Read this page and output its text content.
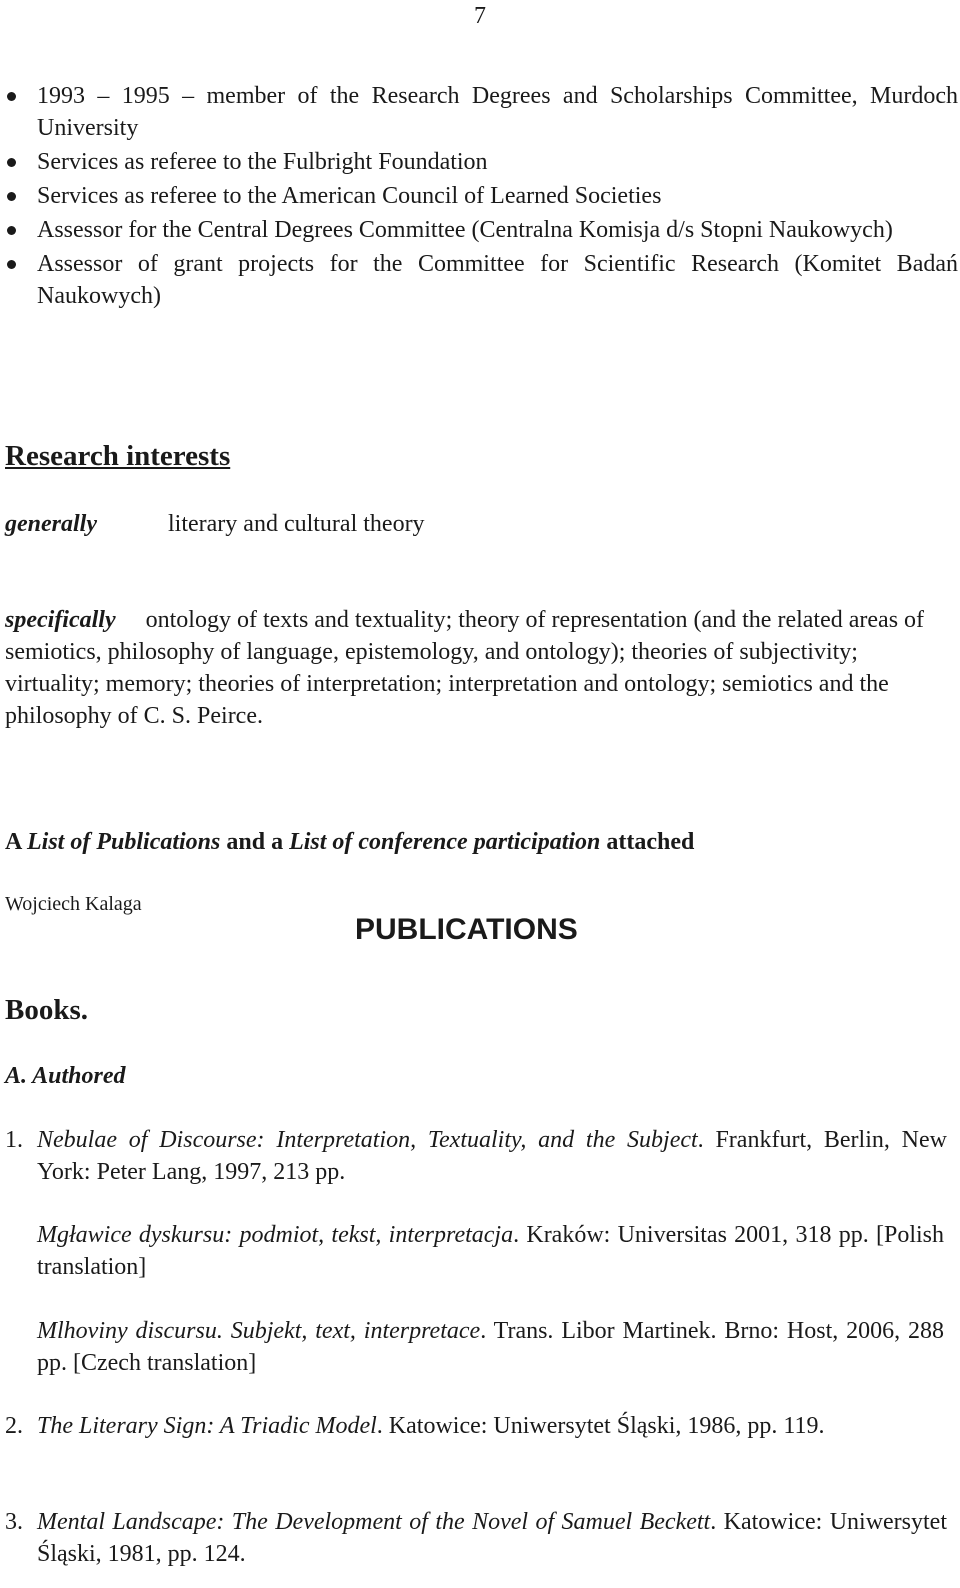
7
1993 – 1995 – member of the Research Degrees and Scholarships Committee, Murdoch University
Services as referee to the Fulbright Foundation
Services as referee to the American Council of Learned Societies
Assessor for the Central Degrees Committee (Centralna Komisja d/s Stopni Naukowych)
Assessor of grant projects for the Committee for Scientific Research (Komitet Badań Naukowych)
Research interests
generally	literary and cultural theory
specifically ontology of texts and textuality; theory of representation (and the related areas of semiotics, philosophy of language, epistemology, and ontology); theories of subjectivity; virtuality; memory; theories of interpretation; interpretation and ontology; semiotics and the philosophy of C. S. Peirce.
A List of Publications and a List of conference participation attached
Wojciech Kalaga
PUBLICATIONS
Books.
A. Authored
1. Nebulae of Discourse: Interpretation, Textuality, and the Subject. Frankfurt, Berlin, New York: Peter Lang, 1997, 213 pp.
Mgławice dyskursu: podmiot, tekst, interpretacja. Kraków: Universitas 2001, 318 pp. [Polish translation]
Mlhoviny discursu. Subjekt, text, interpretace. Trans. Libor Martinek. Brno: Host, 2006, 288 pp. [Czech translation]
2. The Literary Sign: A Triadic Model. Katowice: Uniwersytet Śląski, 1986, pp. 119.
3. Mental Landscape: The Development of the Novel of Samuel Beckett. Katowice: Uniwersytet Śląski, 1981, pp. 124.
